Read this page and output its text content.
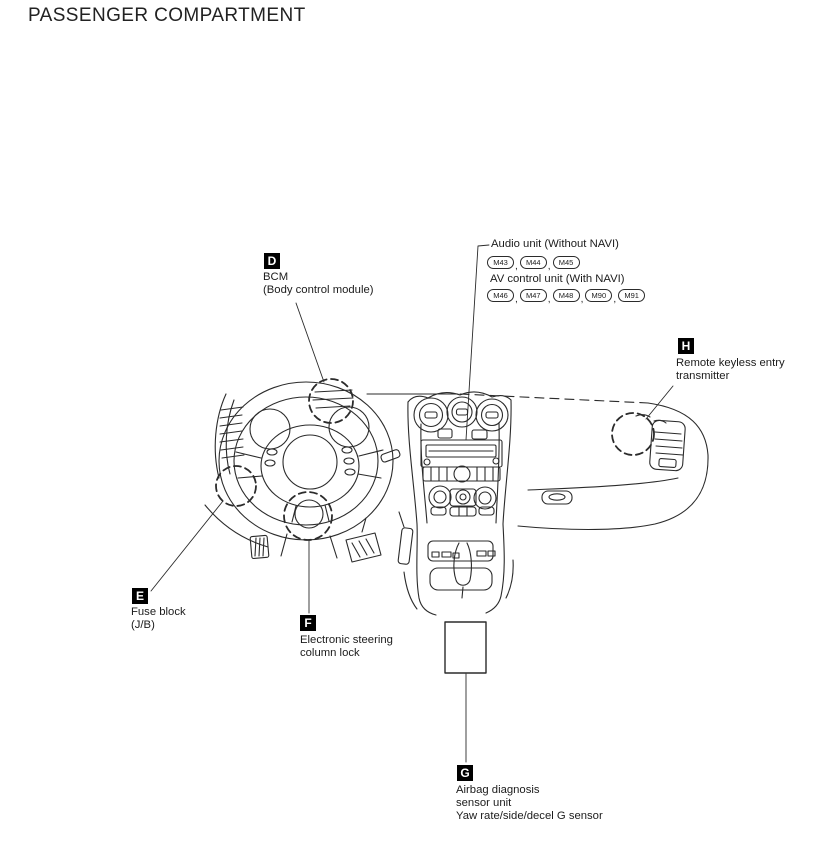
PASSENGER COMPARTMENT
Audio unit (Without NAVI)
M43 ,	M44 ,	M45
AV control unit (With NAVI)
M46 ,	M47 ,	M48 ,	M90 ,	M91
D
BCM
(Body control module)
H
Remote keyless entry
transmitter
E
Fuse block
(J/B)	F
Electronic steering
column lock
G
Airbag diagnosis
sensor unit
Yaw rate/side/decel G sensor
